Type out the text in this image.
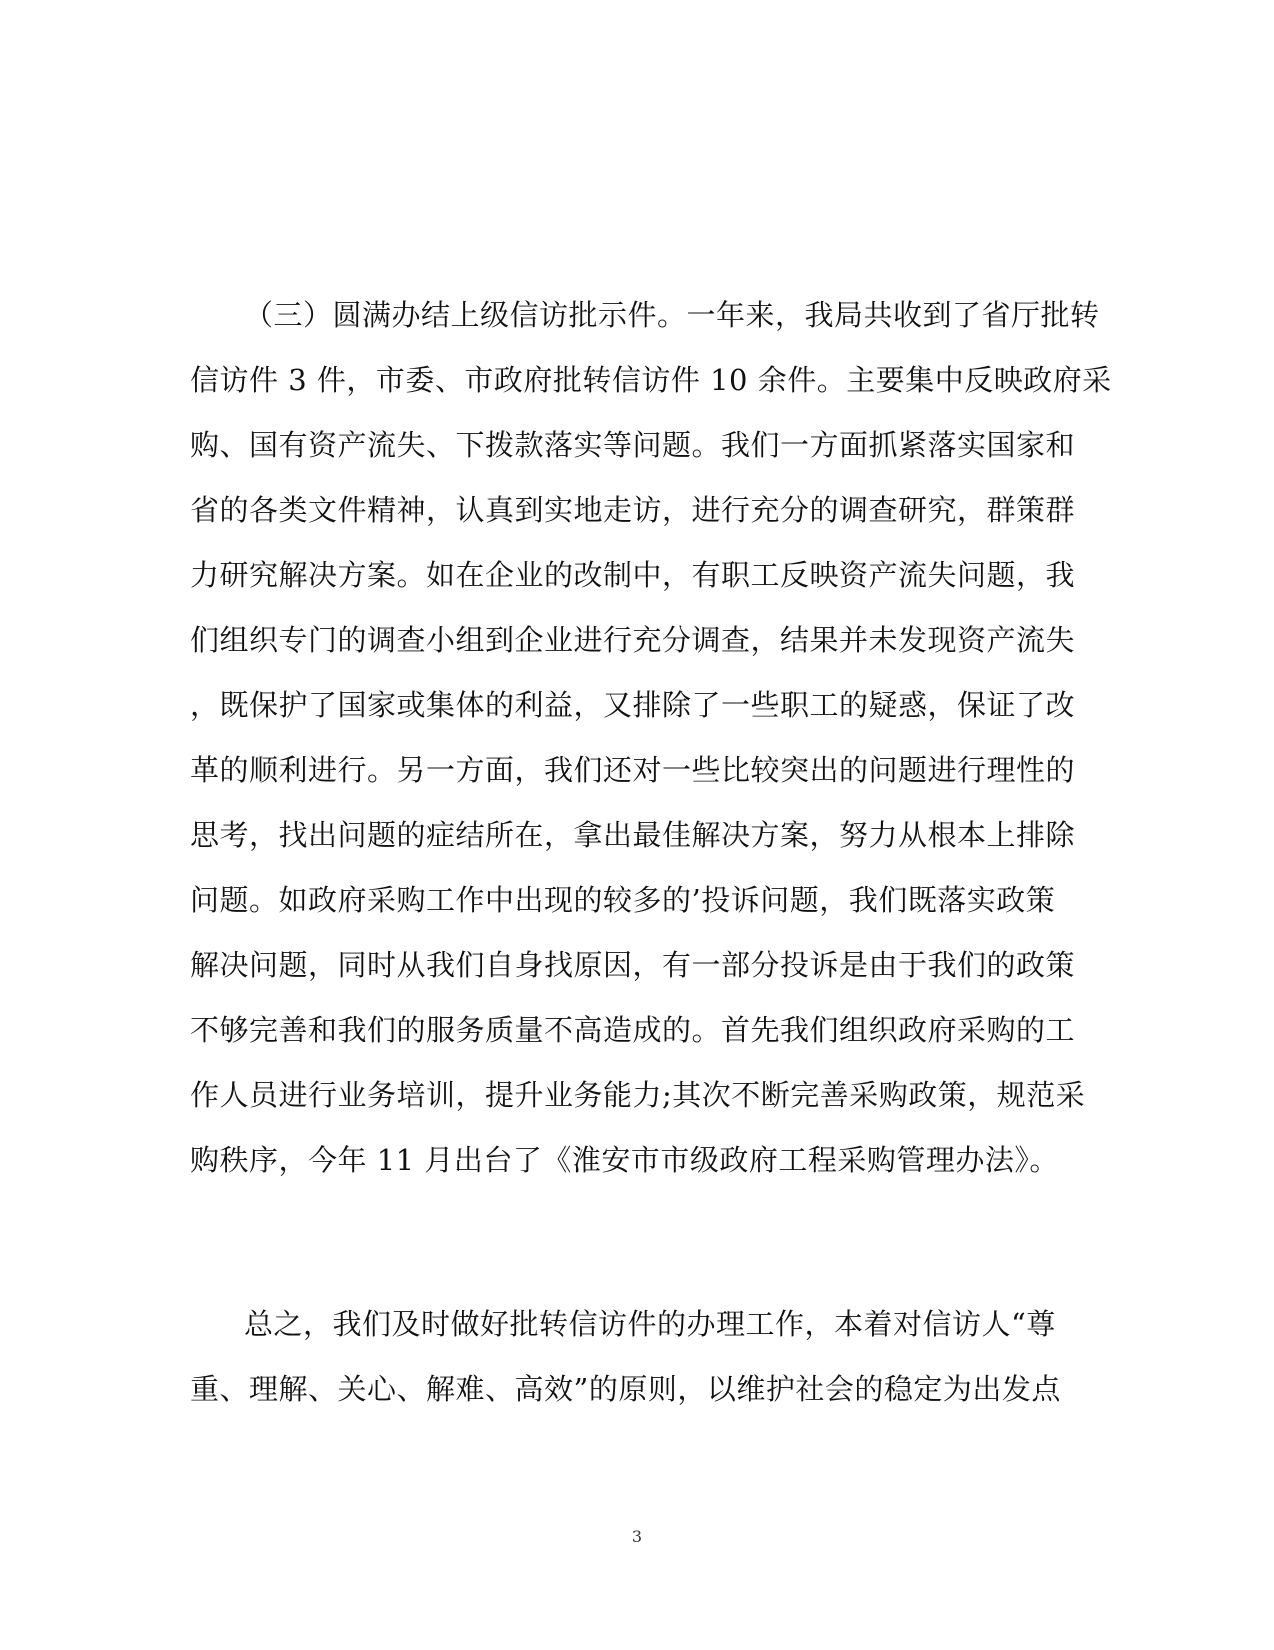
（三）圆满办结上级信访批示件。一年来，我局共收到了省厅批转
信访件 3 件，市委、市政府批转信访件 10 余件。主要集中反映政府采
购、国有资产流失、下拨款落实等问题。我们一方面抓紧落实国家和
省的各类文件精神，认真到实地走访，进行充分的调查研究，群策群
力研究解决方案。如在企业的改制中，有职工反映资产流失问题，我
们组织专门的调查小组到企业进行充分调查，结果并未发现资产流失
，既保护了国家或集体的利益，又排除了一些职工的疑惑，保证了改
革的顺利进行。另一方面，我们还对一些比较突出的问题进行理性的
思考，找出问题的症结所在，拿出最佳解决方案，努力从根本上排除
问题。如政府采购工作中出现的较多的’投诉问题，我们既落实政策
解决问题，同时从我们自身找原因，有一部分投诉是由于我们的政策
不够完善和我们的服务质量不高造成的。首先我们组织政府采购的工
作人员进行业务培训，提升业务能力;其次不断完善采购政策，规范采
购秩序，今年 11 月出台了《淮安市市级政府工程采购管理办法》。
总之，我们及时做好批转信访件的办理工作，本着对信访人“尊
重、理解、关心、解难、高效”的原则，以维护社会的稳定为出发点
3
